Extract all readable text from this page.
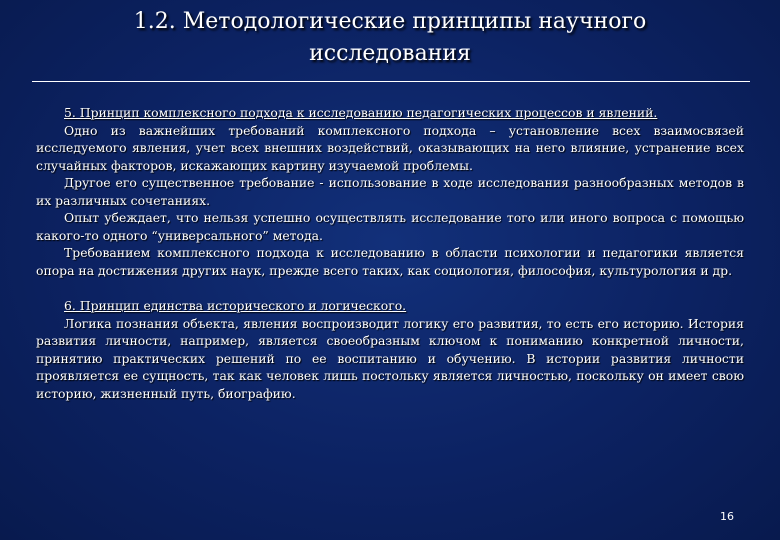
1.2. Методологические принципы научного
исследования

5. Принцип комплексного подхода к исследованию педагогических процессов и явлений.

Одно из важнейших требований комплексного подхода – установление всех взаимосвязей исследуемого явления, учет всех внешних воздействий, оказывающих на него влияние, устранение всех случайных факторов, искажающих картину изучаемой проблемы.

Другое его существенное требование - использование в ходе исследования разнообразных методов в их различных сочетаниях.

Опыт убеждает, что нельзя успешно осуществлять исследование того или иного вопроса с помощью какого-то одного “универсального” метода.

Требованием комплексного подхода к исследованию в области психологии и педагогики является опора на достижения других наук, прежде всего таких, как социология, философия, культурология и др.

6. Принцип единства исторического и логического.

Логика познания объекта, явления воспроизводит логику его развития, то есть его историю. История развития личности, например, является своеобразным ключом к пониманию конкретной личности, принятию практических решений по ее воспитанию и обучению. В истории развития личности проявляется ее сущность, так как человек лишь постольку является личностью, поскольку он имеет свою историю, жизненный путь, биографию.

16
